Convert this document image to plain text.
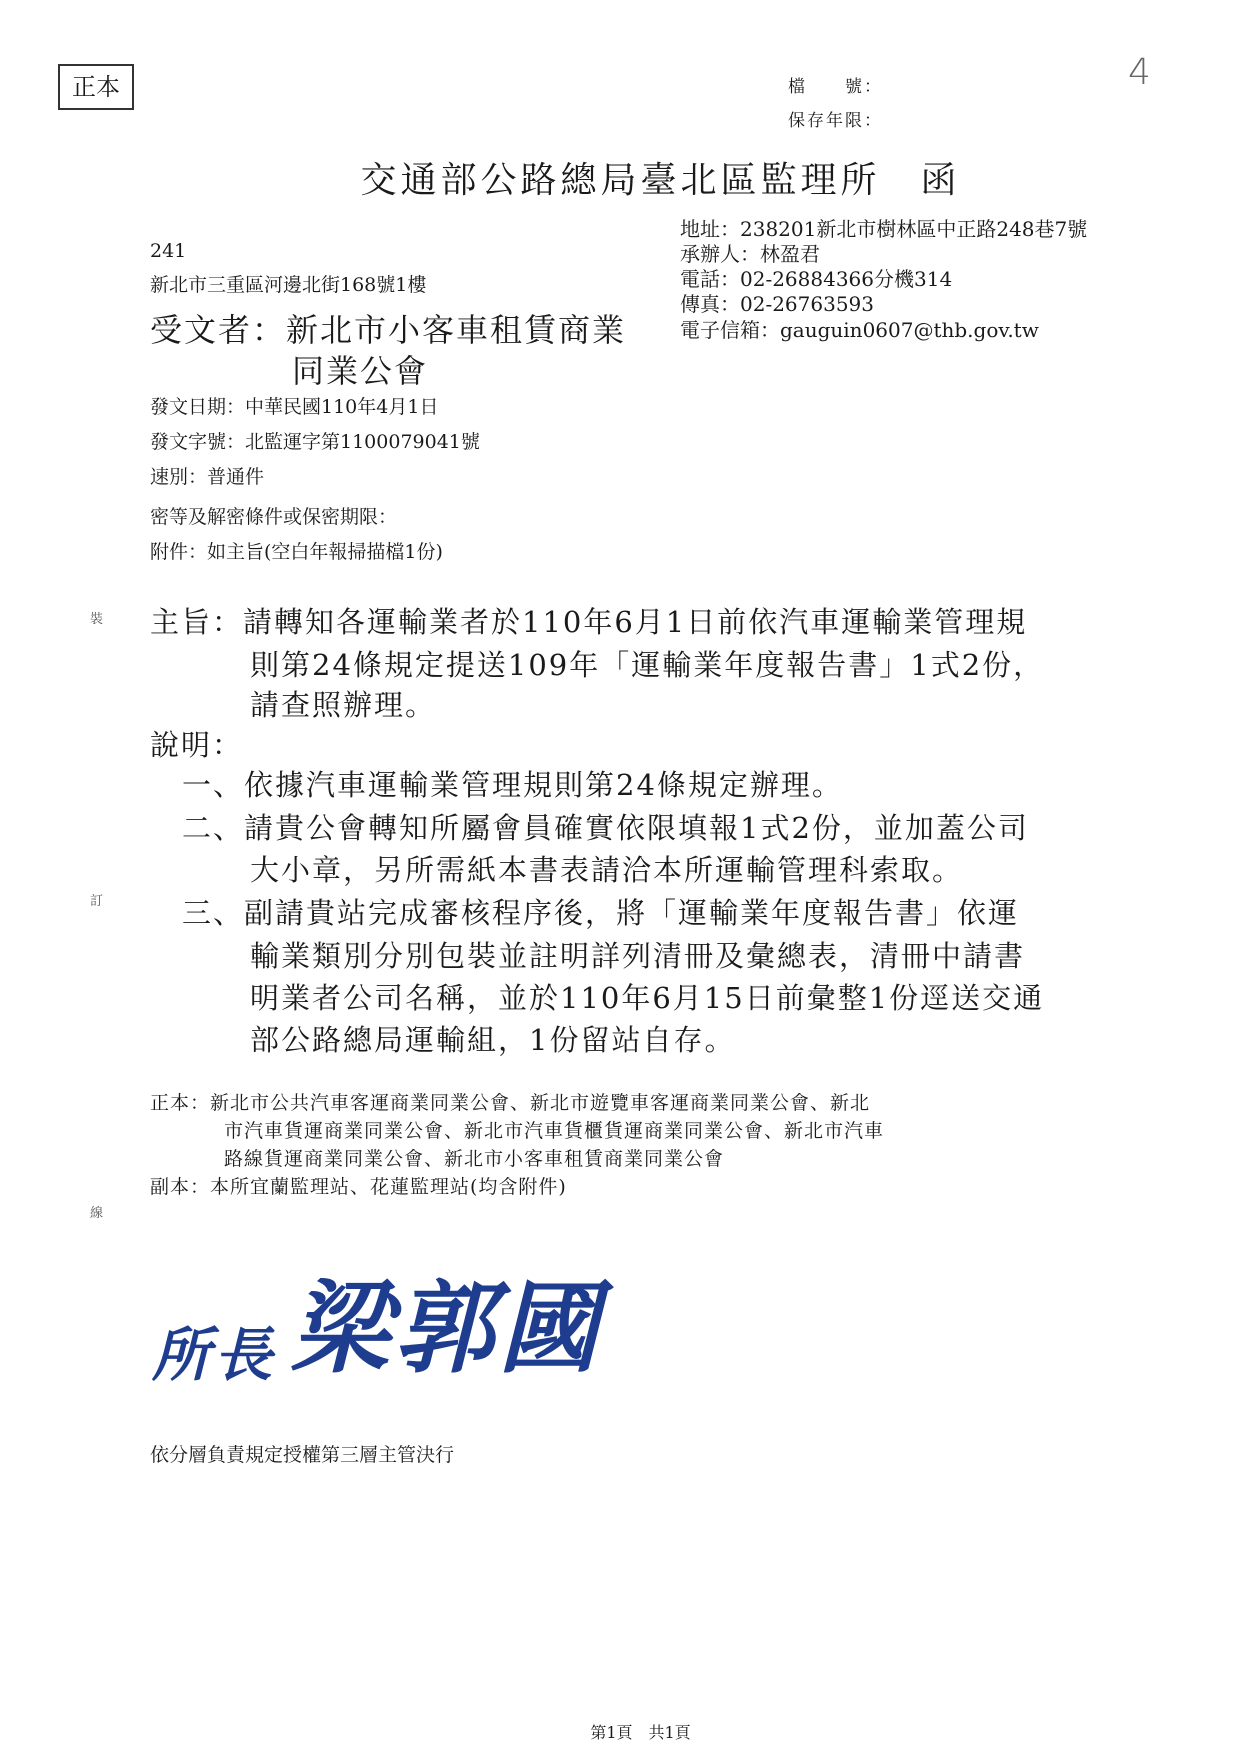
正本	檔　　號：
保存年限：
4
交通部公路總局臺北區監理所　函
地址：238201新北市樹林區中正路248巷7號
承辦人：林盈君
電話：02-26884366分機314
傳真：02-26763593
電子信箱：gauguin0607@thb.gov.tw
241
新北市三重區河邊北街168號1樓
受文者：新北市小客車租賃商業
同業公會
發文日期：中華民國110年4月1日
發文字號：北監運字第1100079041號
速別：普通件
密等及解密條件或保密期限：
附件：如主旨(空白年報掃描檔1份)
主旨：請轉知各運輸業者於110年6月1日前依汽車運輸業管理規
則第24條規定提送109年「運輸業年度報告書」1式2份，
請查照辦理。
說明：
一、依據汽車運輸業管理規則第24條規定辦理。
二、請貴公會轉知所屬會員確實依限填報1式2份，並加蓋公司
大小章，另所需紙本書表請洽本所運輸管理科索取。
三、副請貴站完成審核程序後，將「運輸業年度報告書」依運
輸業類別分別包裝並註明詳列清冊及彙總表，清冊中請書
明業者公司名稱，並於110年6月15日前彙整1份逕送交通
部公路總局運輸組，1份留站自存。
正本：新北市公共汽車客運商業同業公會、新北市遊覽車客運商業同業公會、新北
市汽車貨運商業同業公會、新北市汽車貨櫃貨運商業同業公會、新北市汽車
路線貨運商業同業公會、新北市小客車租賃商業同業公會
副本：本所宜蘭監理站、花蓮監理站(均含附件)
裝
訂
線
所長 梁郭國
依分層負責規定授權第三層主管決行
第1頁　共1頁
